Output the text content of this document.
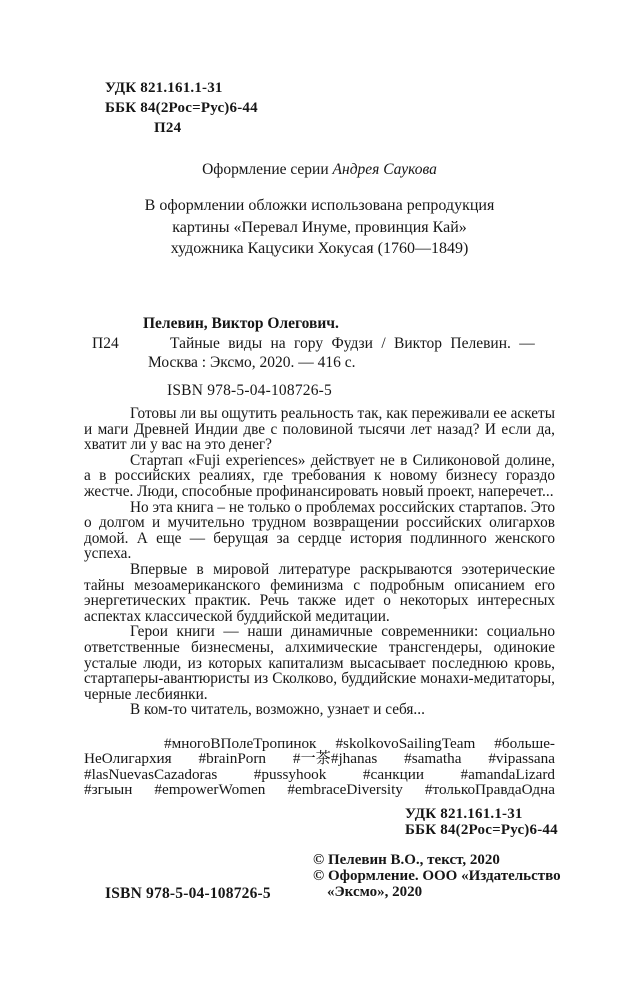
УДК 821.161.1-31
ББК 84(2Рос=Рус)6-44
П24
Оформление серии Андрея Саукова
В оформлении обложки использована репродукция
картины «Перевал Инуме, провинция Кай»
художника Кацусики Хокусая (1760—1849)
Пелевин, Виктор Олегович.
П24	Тайные виды на гору Фудзи / Виктор Пелевин. —
Москва : Эксмо, 2020. — 416 с.
ISBN 978-5-04-108726-5

Готовы ли вы ощутить реальность так, как переживали ее аскеты и маги Древней Индии две с половиной тысячи лет назад? И если да, хватит ли у вас на это денег?

Стартап «Fuji experiences» действует не в Силиконовой долине, а в российских реалиях, где требования к новому бизнесу гораздо жестче. Люди, способные профинансировать новый проект, наперечет...

Но эта книга – не только о проблемах российских стартапов. Это о долгом и мучительно трудном возвращении российских олигархов домой. А еще — берущая за сердце история подлинного женского успеха.

Впервые в мировой литературе раскрываются эзотерические тайны мезоамериканского феминизма с подробным описанием его энергетических практик. Речь также идет о некоторых интересных аспектах классической буддийской медитации.

Герои книги — наши динамичные современники: социально ответственные бизнесмены, алхимические трансгендеры, одинокие усталые люди, из которых капитализм высасывает последнюю кровь, стартаперы-авантюристы из Сколково, буддийские монахи-медитаторы, черные лесбиянки.

В ком-то читатель, возможно, узнает и себя...

#многоВПолеТропинок #skolkovoSailingTeam #больше-
НеОлигархия #brainPorn #一茶#jhanas #samatha #vipassana
#lasNuevasCazadoras #pussyhook #санкции #amandaLizard
#згыын #empowerWomen #embraceDiversity #толькоПравдаОдна
УДК 821.161.1-31
ББК 84(2Рос=Рус)6-44
ISBN 978-5-04-108726-5
© Пелевин В.О., текст, 2020
© Оформление. ООО «Издательство
«Эксмо», 2020
